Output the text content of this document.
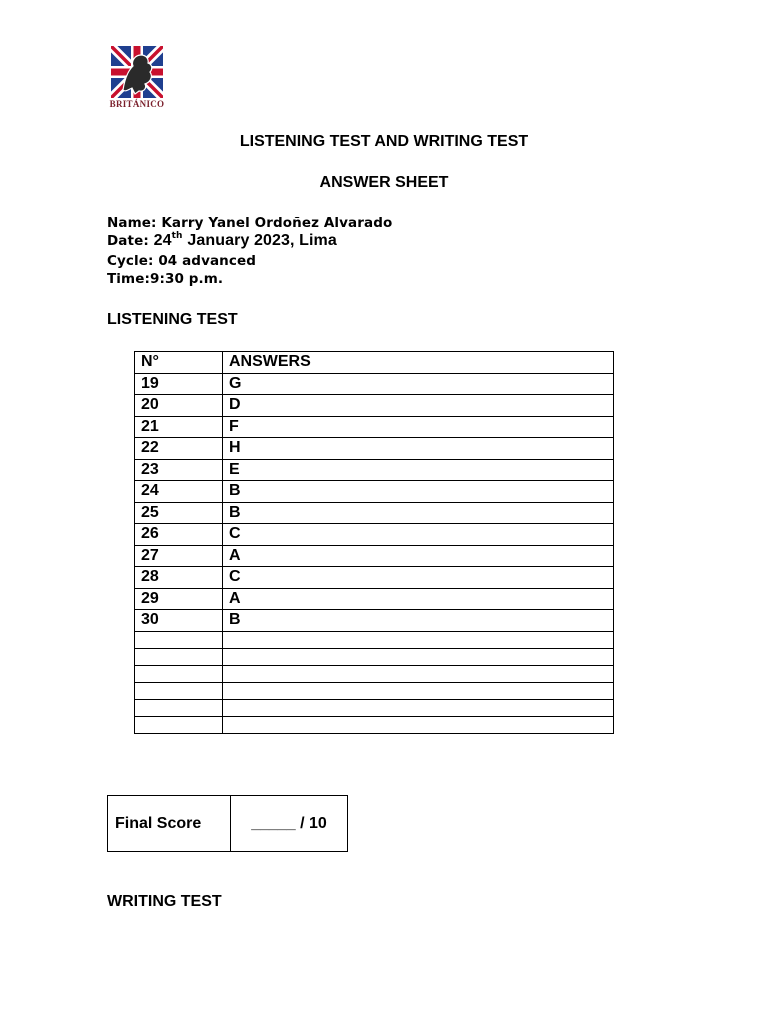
BRITÁNICO
LISTENING TEST AND WRITING TEST
ANSWER SHEET
Name: Karry Yanel Ordoñez Alvarado
Date: 24th January 2023, Lima
Cycle: 04 advanced
Time:9:30 p.m.
LISTENING TEST
N°	ANSWERS
19	G
20	D
21	F
22	H
23	E
24	B
25	B
26	C
27	A
28	C
29	A
30	B

Final Score	_____ / 10
WRITING TEST
